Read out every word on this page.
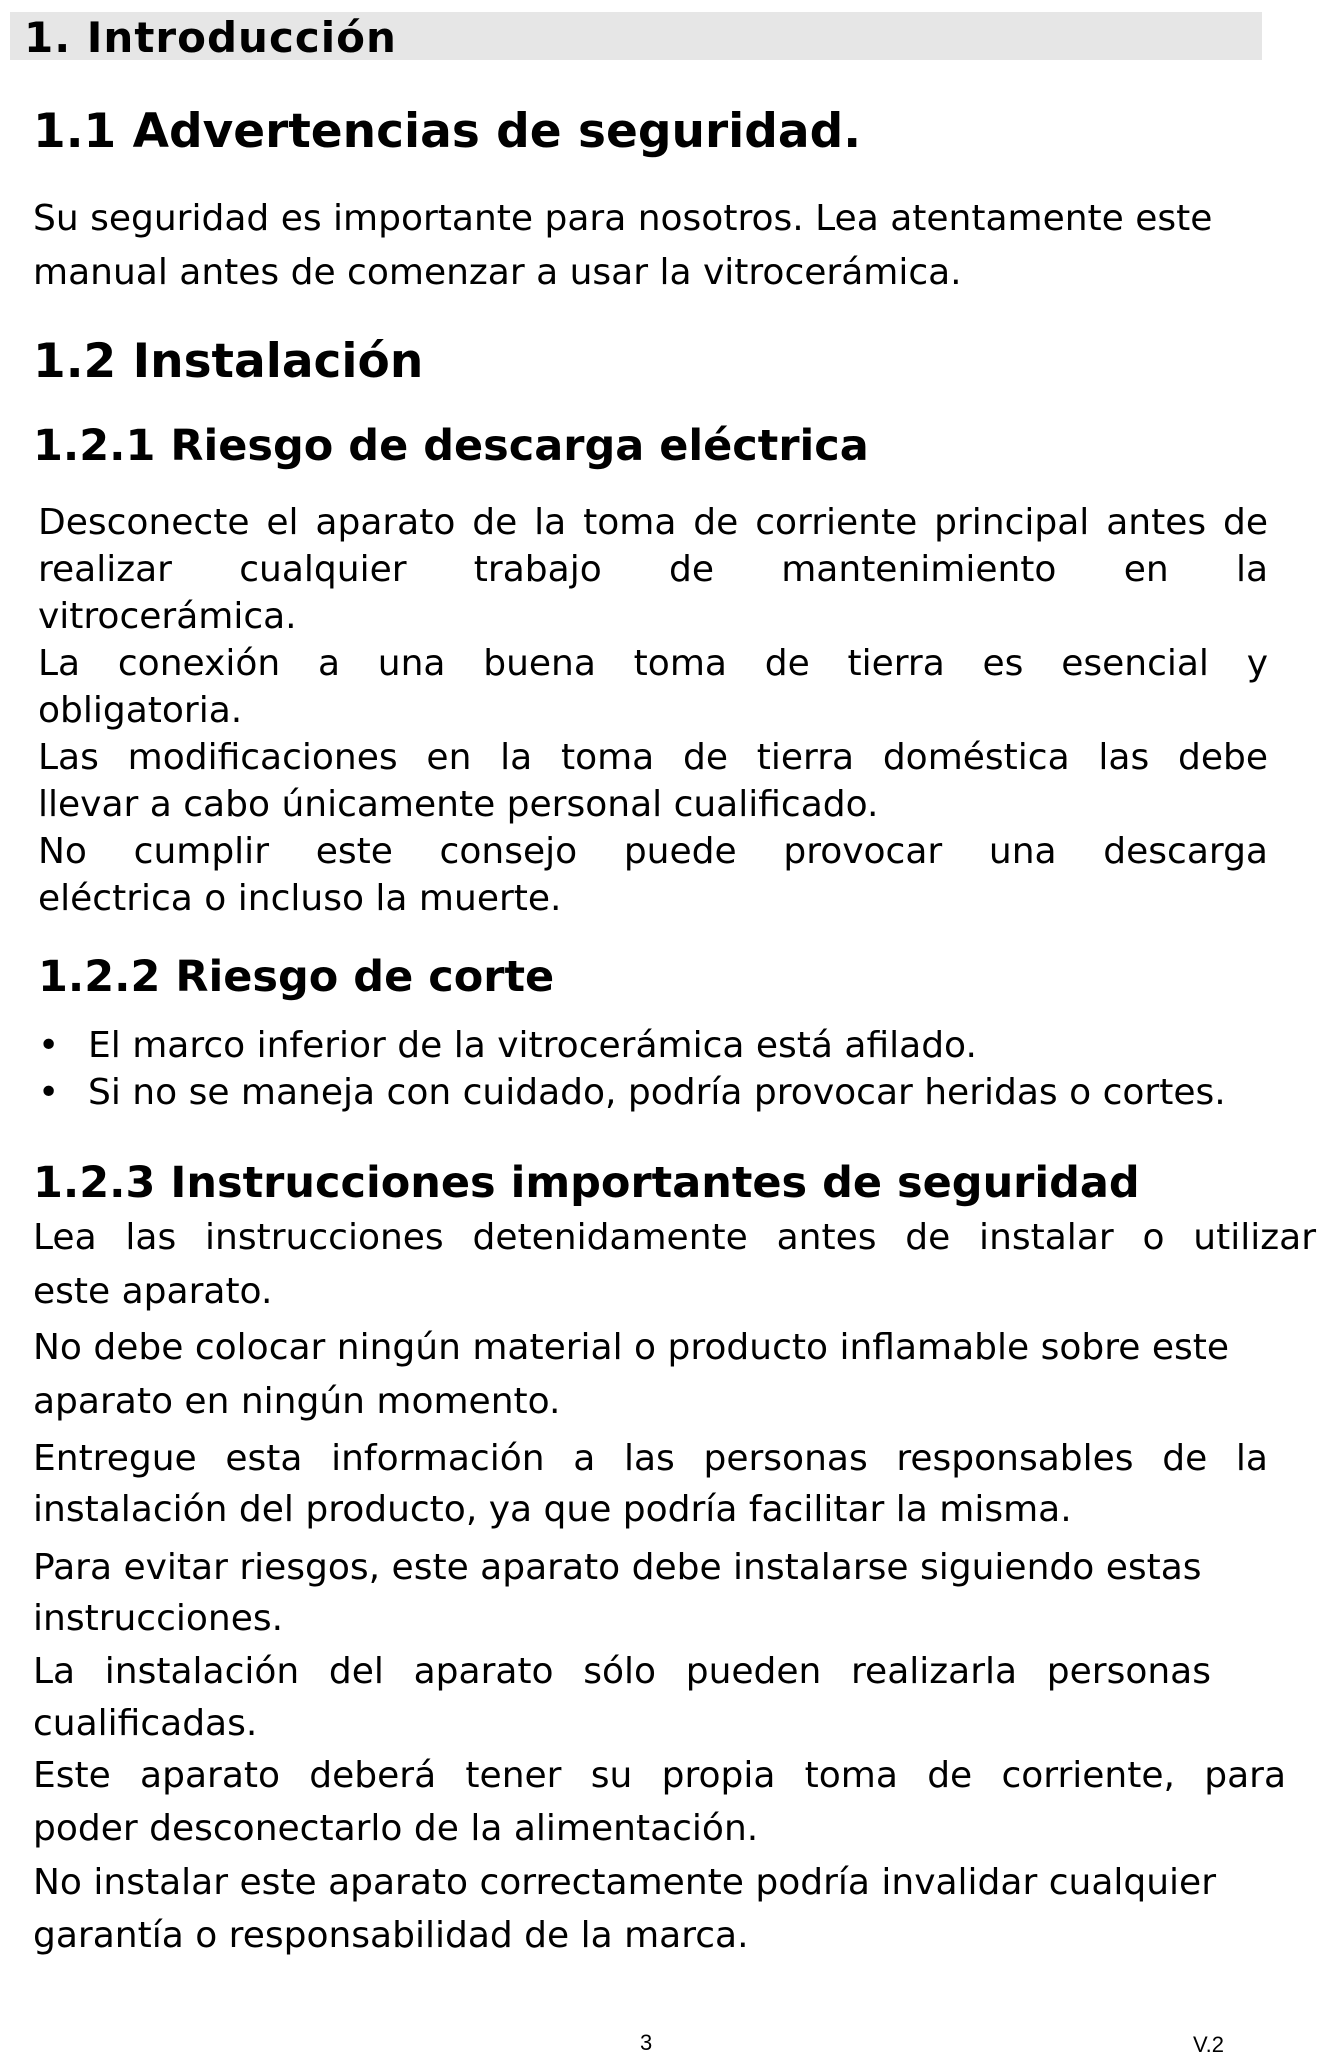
1. Introducción
1.1 Advertencias de seguridad.
Su seguridad es importante para nosotros. Lea atentamente este
manual antes de comenzar a usar la vitrocerámica.
1.2 Instalación
1.2.1 Riesgo de descarga eléctrica
Desconecte el aparato de la toma de corriente principal antes de
realizar cualquier trabajo de mantenimiento en la
vitrocerámica.
La conexión a una buena toma de tierra es esencial y
obligatoria.
Las modificaciones en la toma de tierra doméstica las debe
llevar a cabo únicamente personal cualificado.
No cumplir este consejo puede provocar una descarga
eléctrica o incluso la muerte.
1.2.2 Riesgo de corte
• El marco inferior de la vitrocerámica está afilado.
• Si no se maneja con cuidado, podría provocar heridas o cortes.
1.2.3 Instrucciones importantes de seguridad
Lea las instrucciones detenidamente antes de instalar o utilizar
este aparato.
No debe colocar ningún material o producto inflamable sobre este
aparato en ningún momento.
Entregue esta información a las personas responsables de la
instalación del producto, ya que podría facilitar la misma.
Para evitar riesgos, este aparato debe instalarse siguiendo estas
instrucciones.
La instalación del aparato sólo pueden realizarla personas
cualificadas.
Este aparato deberá tener su propia toma de corriente, para
poder desconectarlo de la alimentación.
No instalar este aparato correctamente podría invalidar cualquier
garantía o responsabilidad de la marca.
3	V.2
